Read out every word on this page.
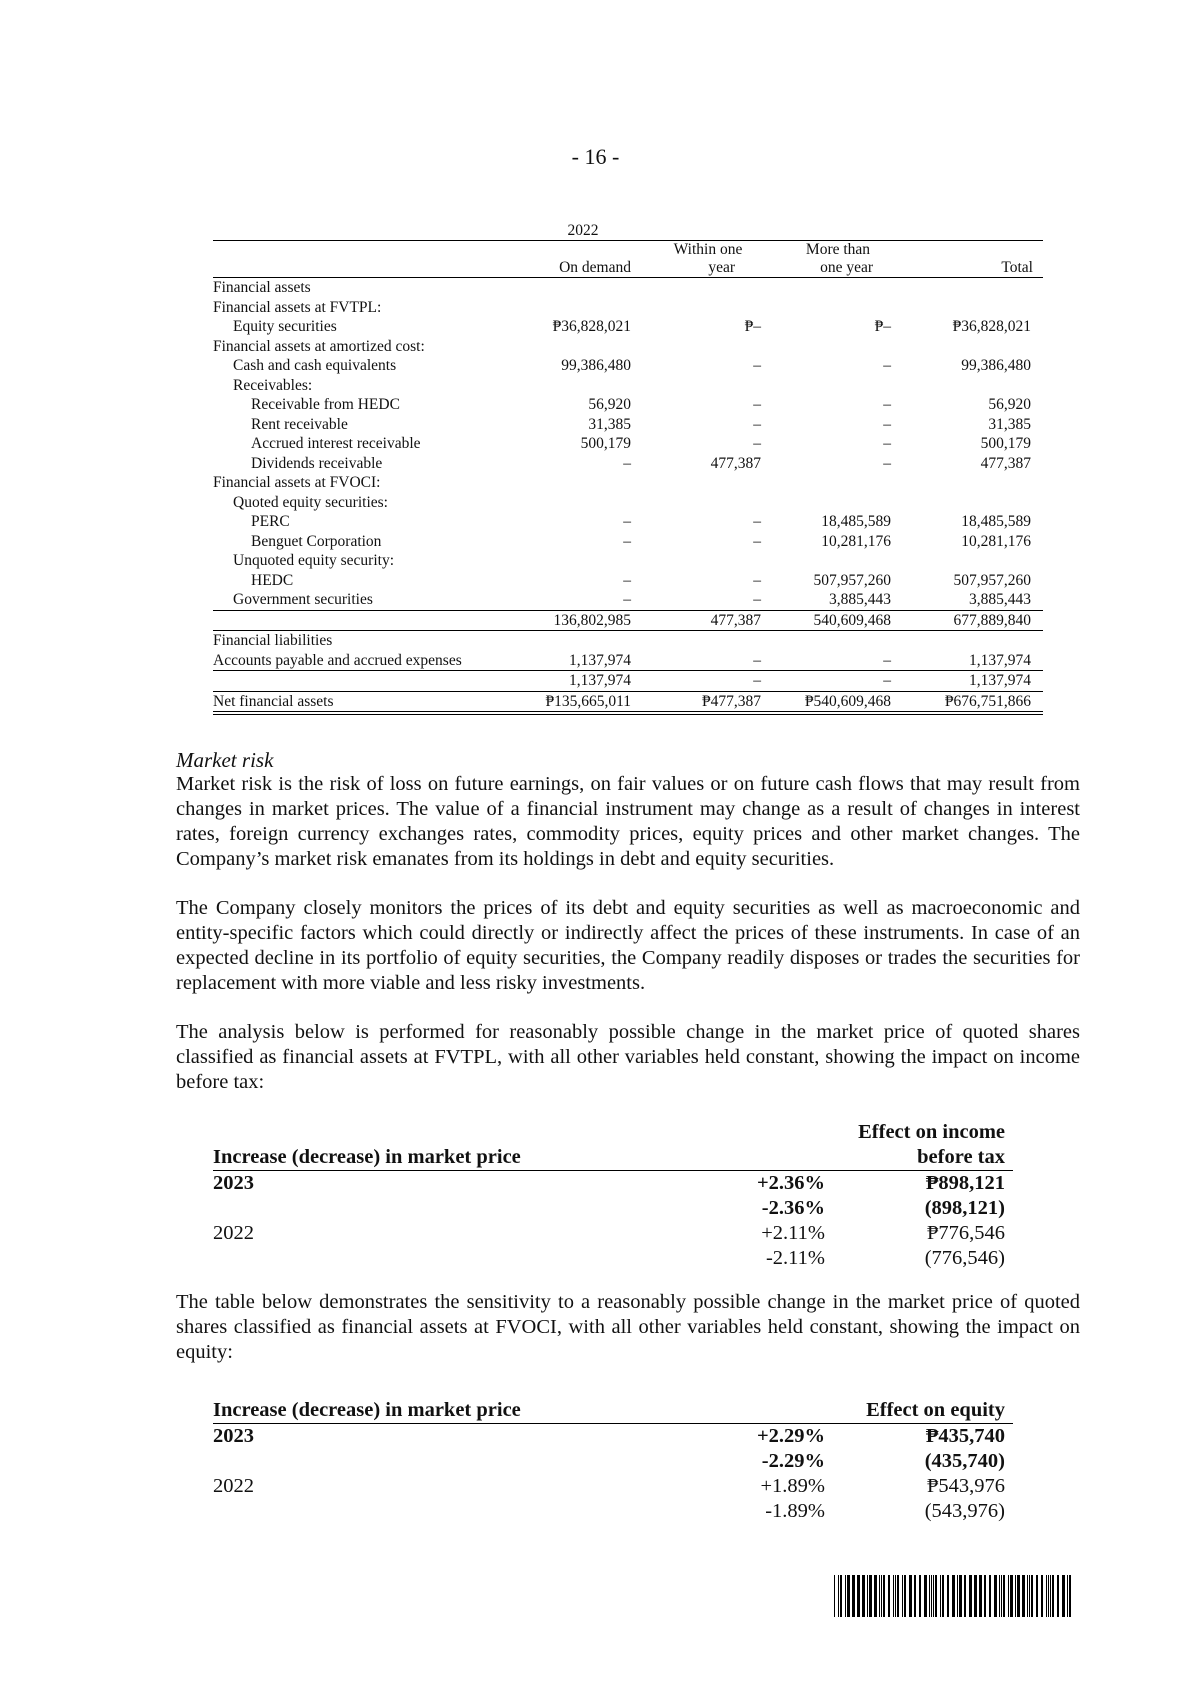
- 16 -
	2022			
		Within one	More than	
	On demand	year	one year	Total
Financial assets				
Financial assets at FVTPL:				
Equity securities	₱36,828,021	₱–	₱–	₱36,828,021
Financial assets at amortized cost:				
Cash and cash equivalents	99,386,480	–	–	99,386,480
Receivables:				
Receivable from HEDC	56,920	–	–	56,920
Rent receivable	31,385	–	–	31,385
Accrued interest receivable	500,179	–	–	500,179
Dividends receivable	–	477,387	–	477,387
Financial assets at FVOCI:				
Quoted equity securities:				
PERC	–	–	18,485,589	18,485,589
Benguet Corporation	–	–	10,281,176	10,281,176
Unquoted equity security:				
HEDC	–	–	507,957,260	507,957,260
Government securities	–	–	3,885,443	3,885,443
	136,802,985	477,387	540,609,468	677,889,840
Financial liabilities				
Accounts payable and accrued expenses	1,137,974	–	–	1,137,974
	1,137,974	–	–	1,137,974
Net financial assets	₱135,665,011	₱477,387	₱540,609,468	₱676,751,866
Market risk

Market risk is the risk of loss on future earnings, on fair values or on future cash flows that may result from changes in market prices. The value of a financial instrument may change as a result of changes in interest rates, foreign currency exchanges rates, commodity prices, equity prices and other market changes. The Company’s market risk emanates from its holdings in debt and equity securities.

The Company closely monitors the prices of its debt and equity securities as well as macroeconomic and entity-specific factors which could directly or indirectly affect the prices of these instruments. In case of an expected decline in its portfolio of equity securities, the Company readily disposes or trades the securities for replacement with more viable and less risky investments.

The analysis below is performed for reasonably possible change in the market price of quoted shares classified as financial assets at FVTPL, with all other variables held constant, showing the impact on income before tax:

		Effect on income
Increase (decrease) in market price		before tax
2023	+2.36%	₱898,121
	-2.36%	(898,121)
2022	+2.11%	₱776,546
	-2.11%	(776,546)

The table below demonstrates the sensitivity to a reasonably possible change in the market price of quoted shares classified as financial assets at FVOCI, with all other variables held constant, showing the impact on equity:

Increase (decrease) in market price		Effect on equity
2023	+2.29%	₱435,740
	-2.29%	(435,740)
2022	+1.89%	₱543,976
	-1.89%	(543,976)
